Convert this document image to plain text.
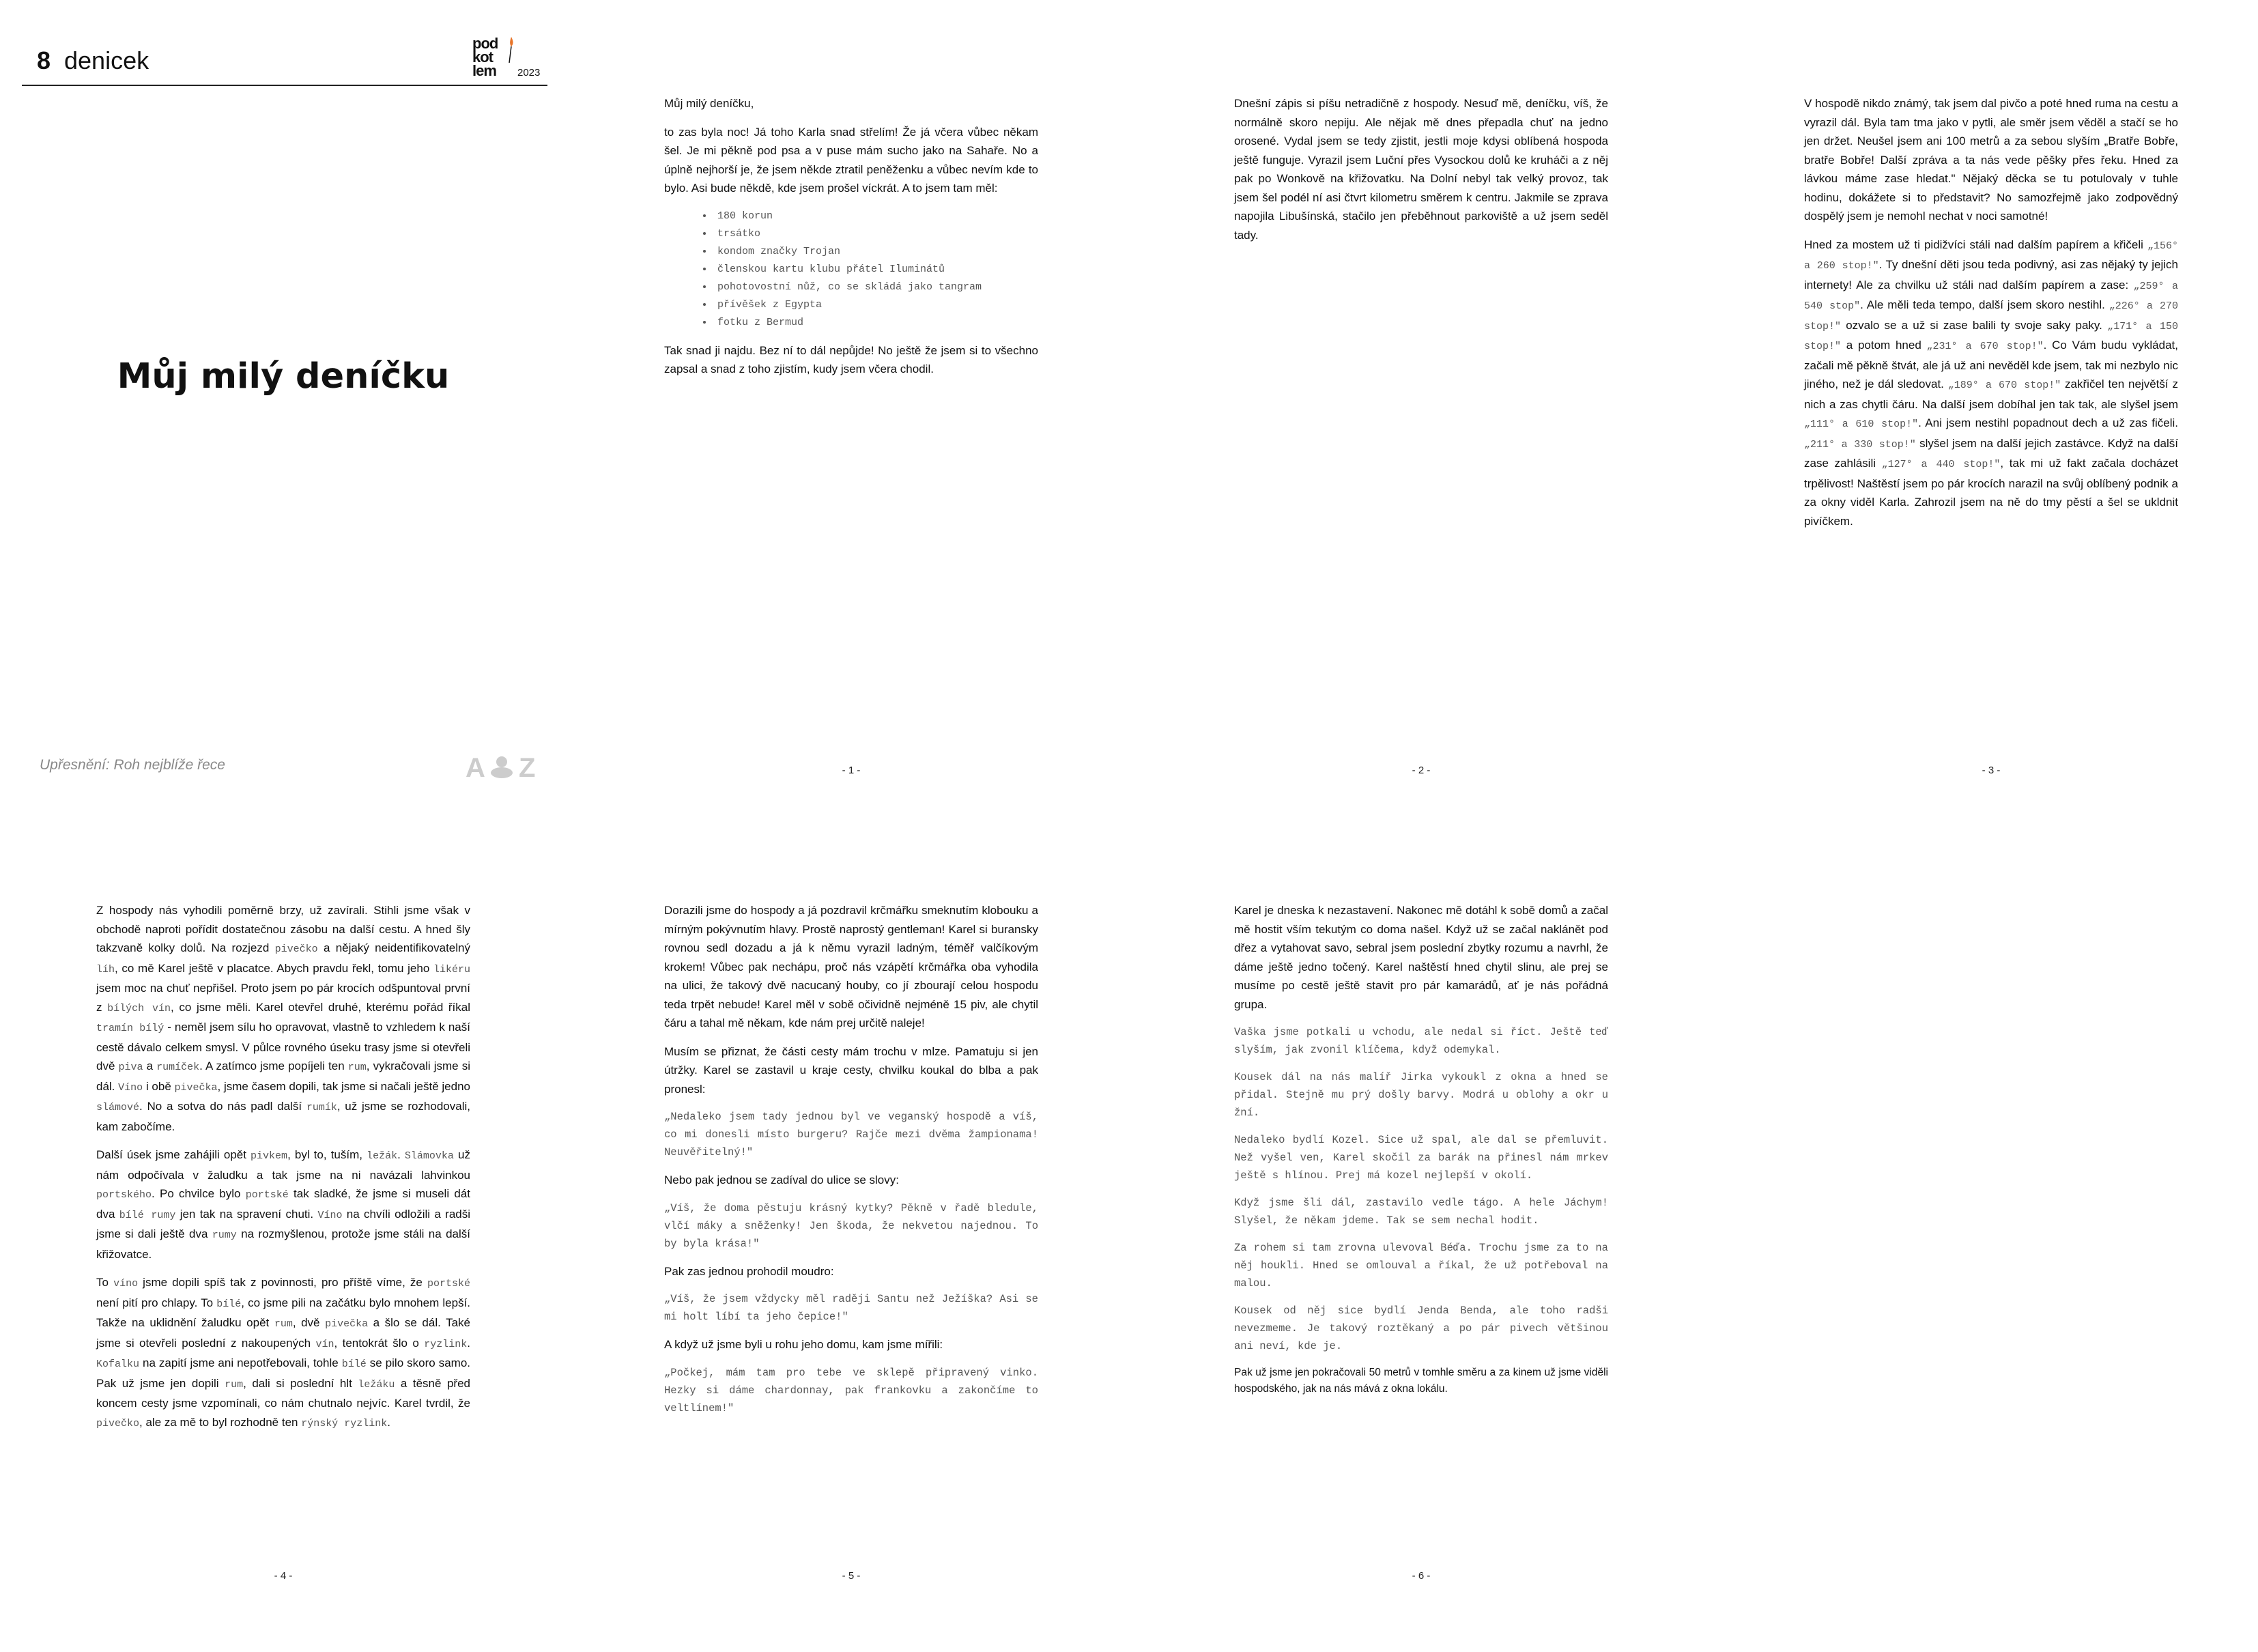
8 denicek
pod
kot
lem 2023
Můj milý deníčku
Upřesnění: Roh nejblíže řece	A Z

Můj milý deníčku,

to zas byla noc! Já toho Karla snad střelím! Že já včera vůbec někam šel. Je mi pěkně pod psa a v puse mám sucho jako na Sahaře. No a úplně nejhorší je, že jsem někde ztratil peněženku a vůbec nevím kde to bylo. Asi bude někdě, kde jsem prošel víckrát. A to jsem tam měl:

• 180 korun
• trsátko
• kondom značky Trojan
• členskou kartu klubu přátel Iluminátů
• pohotovostní nůž, co se skládá jako tangram
• přívěšek z Egypta
• fotku z Bermud

Tak snad ji najdu. Bez ní to dál nepůjde! No ještě že jsem si to všechno zapsal a snad z toho zjistím, kudy jsem včera chodil.

- 1 -

Dnešní zápis si píšu netradičně z hospody. Nesuď mě, deníčku, víš, že normálně skoro nepiju. Ale nějak mě dnes přepadla chuť na jedno orosené. Vydal jsem se tedy zjistit, jestli moje kdysi oblíbená hospoda ještě funguje. Vyrazil jsem Luční přes Vysockou dolů ke kruháči a z něj pak po Wonkově na křižovatku. Na Dolní nebyl tak velký provoz, tak jsem šel podél ní asi čtvrt kilometru směrem k centru. Jakmile se zprava napojila Libušínská, stačilo jen přeběhnout parkoviště a už jsem seděl tady.

- 2 -

V hospodě nikdo známý, tak jsem dal pivčo a poté hned ruma na cestu a vyrazil dál. Byla tam tma jako v pytli, ale směr jsem věděl a stačí se ho jen držet. Neušel jsem ani 100 metrů a za sebou slyším „Bratře Bobře, bratře Bobře! Další zpráva a ta nás vede pěšky přes řeku. Hned za lávkou máme zase hledat." Nějaký děcka se tu potulovaly v tuhle hodinu, dokážete si to představit? No samozřejmě jako zodpovědný dospělý jsem je nemohl nechat v noci samotné!

Hned za mostem už ti pidižvíci stáli nad dalším papírem a křičeli „156° a 260 stop!". Ty dnešní děti jsou teda podivný, asi zas nějaký ty jejich internety! Ale za chvilku už stáli nad dalším papírem a zase: „259° a 540 stop". Ale měli teda tempo, další jsem skoro nestihl. „226° a 270 stop!" ozvalo se a už si zase balili ty svoje saky paky. „171° a 150 stop!" a potom hned „231° a 670 stop!". Co Vám budu vykládat, začali mě pěkně štvát, ale já už ani nevěděl kde jsem, tak mi nezbylo nic jiného, než je dál sledovat. „189° a 670 stop!" zakřičel ten největší z nich a zas chytli čáru. Na další jsem dobíhal jen tak tak, ale slyšel jsem „111° a 610 stop!". Ani jsem nestihl popadnout dech a už zas fičeli. „211° a 330 stop!" slyšel jsem na další jejich zastávce. Když na další zase zahlásili „127° a 440 stop!", tak mi už fakt začala docházet trpělivost! Naštěstí jsem po pár krocích narazil na svůj oblíbený podnik a za okny viděl Karla. Zahrozil jsem na ně do tmy pěstí a šel se ukldnit pivíčkem.

- 3 -

Z hospody nás vyhodili poměrně brzy, už zavírali. Stihli jsme však v obchodě naproti pořídit dostatečnou zásobu na další cestu. A hned šly takzvaně kolky dolů. Na rozjezd pivečko a nějaký neidentifikovatelný líh, co mě Karel ještě v placatce. Abych pravdu řekl, tomu jeho likéru jsem moc na chuť nepřišel. Proto jsem po pár krocích odšpuntoval první z bílých vín, co jsme měli. Karel otevřel druhé, kterému pořád říkal tramín bílý - neměl jsem sílu ho opravovat, vlastně to vzhledem k naší cestě dávalo celkem smysl. V půlce rovného úseku trasy jsme si otevřeli dvě piva a rumíček. A zatímco jsme popíjeli ten rum, vykračovali jsme si dál. Víno i obě pivečka, jsme časem dopili, tak jsme si načali ještě jedno slámové. No a sotva do nás padl další rumík, už jsme se rozhodovali, kam zabočíme.

Další úsek jsme zahájili opět pivkem, byl to, tuším, ležák. Slámovka už nám odpočívala v žaludku a tak jsme na ni navázali lahvinkou portského. Po chvilce bylo portské tak sladké, že jsme si museli dát dva bílé rumy jen tak na spravení chuti. Víno na chvíli odložili a radši jsme si dali ještě dva rumy na rozmyšlenou, protože jsme stáli na další křižovatce.

To víno jsme dopili spíš tak z povinnosti, pro příště víme, že portské není pití pro chlapy. To bílé, co jsme pili na začátku bylo mnohem lepší. Takže na uklidnění žaludku opět rum, dvě pivečka a šlo se dál. Také jsme si otevřeli poslední z nakoupených vín, tentokrát šlo o ryzlink. Kofalku na zapití jsme ani nepotřebovali, tohle bílé se pilo skoro samo. Pak už jsme jen dopili rum, dali si poslední hlt ležáku a těsně před koncem cesty jsme vzpomínali, co nám chutnalo nejvíc. Karel tvrdil, že pivečko, ale za mě to byl rozhodně ten rýnský ryzlink.

- 4 -

Dorazili jsme do hospody a já pozdravil krčmářku smeknutím klobouku a mírným pokývnutím hlavy. Prostě naprostý gentleman! Karel si buransky rovnou sedl dozadu a já k němu vyrazil ladným, téměř valčíkovým krokem! Vůbec pak nechápu, proč nás vzápětí krčmářka oba vyhodila na ulici, že takový dvě nacucaný houby, co jí zbourají celou hospodu teda trpět nebude! Karel měl v sobě očividně nejméně 15 piv, ale chytil čáru a tahal mě někam, kde nám prej určitě naleje!

Musím se přiznat, že části cesty mám trochu v mlze. Pamatuju si jen útržky. Karel se zastavil u kraje cesty, chvilku koukal do blba a pak pronesl:

„Nedaleko jsem tady jednou byl ve veganský hospodě a víš, co mi donesli místo burgeru? Rajče mezi dvěma žampionama! Neuvěřitelný!"

Nebo pak jednou se zadíval do ulice se slovy:

„Víš, že doma pěstuju krásný kytky? Pěkně v řadě bledule, vlčí máky a sněženky! Jen škoda, že nekvetou najednou. To by byla krása!"

Pak zas jednou prohodil moudro:

„Víš, že jsem vždycky měl raději Santu než Ježíška? Asi se mi holt líbí ta jeho čepice!"

A když už jsme byli u rohu jeho domu, kam jsme mířili:

„Počkej, mám tam pro tebe ve sklepě připravený vinko. Hezky si dáme chardonnay, pak frankovku a zakončíme to veltlínem!"

- 5 -

Karel je dneska k nezastavení. Nakonec mě dotáhl k sobě domů a začal mě hostit vším tekutým co doma našel. Když už se začal naklánět pod dřez a vytahovat savo, sebral jsem poslední zbytky rozumu a navrhl, že dáme ještě jedno točený. Karel naštěstí hned chytil slinu, ale prej se musíme po cestě ještě stavit pro pár kamarádů, ať je nás pořádná grupa.

Vaška jsme potkali u vchodu, ale nedal si říct. Ještě teď slyším, jak zvonil klíčema, když odemykal.

Kousek dál na nás malíř Jirka vykoukl z okna a hned se přidal. Stejně mu prý došly barvy. Modrá u oblohy a okr u žní.

Nedaleko bydlí Kozel. Sice už spal, ale dal se přemluvit. Než vyšel ven, Karel skočil za barák na přinesl nám mrkev ještě s hlínou. Prej má kozel nejlepší v okolí.

Když jsme šli dál, zastavilo vedle tágo. A hele Jáchym! Slyšel, že někam jdeme. Tak se sem nechal hodit.

Za rohem si tam zrovna ulevoval Béďa. Trochu jsme za to na něj houkli. Hned se omlouval a říkal, že už potřeboval na malou.

Kousek od něj sice bydlí Jenda Benda, ale toho radši nevezmeme. Je takový roztěkaný a po pár pivech většinou ani neví, kde je.

Pak už jsme jen pokračovali 50 metrů v tomhle směru a za kinem už jsme viděli hospodského, jak na nás mává z okna lokálu.

- 6 -
